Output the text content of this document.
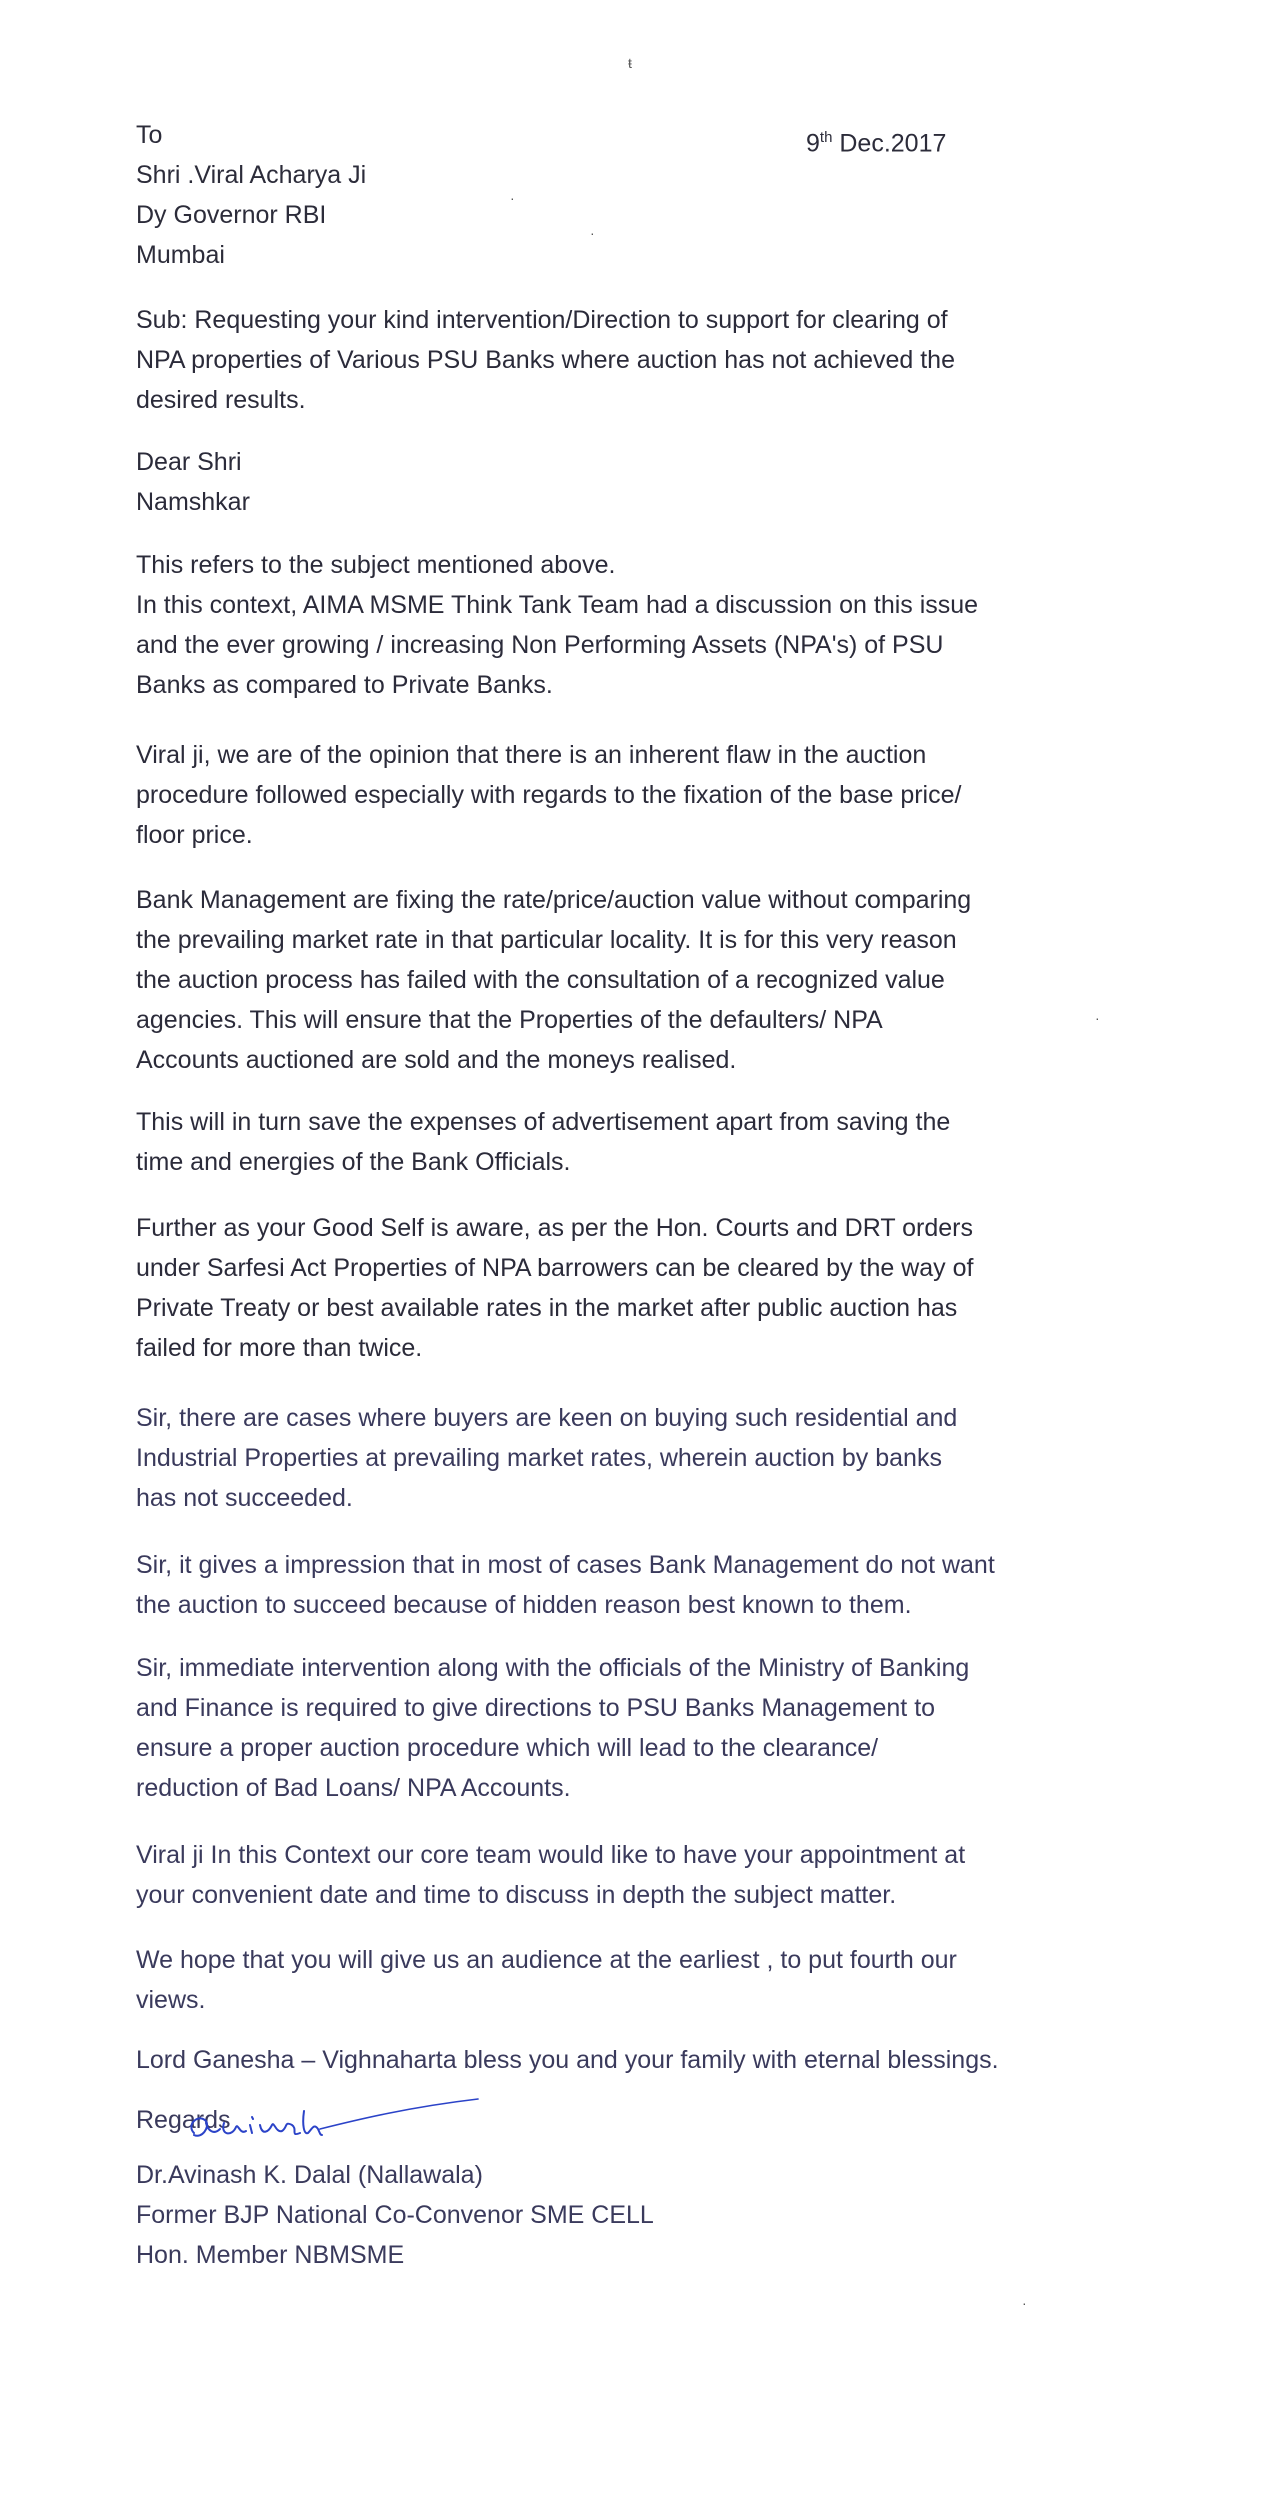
ŧ
·
·
·
·
9th Dec.2017
To
Shri .Viral Acharya Ji
Dy Governor RBI
Mumbai
Sub: Requesting your kind intervention/Direction to support for clearing of
NPA properties of Various PSU Banks where auction has not achieved the
desired results.
Dear Shri
Namshkar
This refers to the subject mentioned above.
In this context, AIMA MSME Think Tank Team had a discussion on this issue
and the ever growing / increasing Non Performing Assets (NPA's) of PSU
Banks as compared to Private Banks.
Viral ji, we are of the opinion that there is an inherent flaw in the auction
procedure followed especially with regards to the fixation of the base price/
floor price.
Bank Management are fixing the rate/price/auction value without comparing
the prevailing market rate in that particular locality. It is for this very reason
the auction process has failed with the consultation of a recognized value
agencies. This will ensure that the Properties of the defaulters/ NPA
Accounts auctioned are sold and the moneys realised.
This will in turn save the expenses of advertisement apart from saving the
time and energies of the Bank Officials.
Further as your Good Self is aware, as per the Hon. Courts and DRT orders
under Sarfesi Act Properties of NPA barrowers can be cleared by the way of
Private Treaty or best available rates in the market after public auction has
failed for more than twice.
Sir, there are cases where buyers are keen on buying such residential and
Industrial Properties at prevailing market rates, wherein auction by banks
has not succeeded.
Sir, it gives a impression that in most of cases Bank Management do not want
the auction to succeed because of hidden reason best known to them.
Sir, immediate intervention along with the officials of the Ministry of Banking
and Finance is required to give directions to PSU Banks Management to
ensure a proper auction procedure which will lead to the clearance/
reduction of Bad Loans/ NPA Accounts.
Viral ji In this Context our core team would like to have your appointment at
your convenient date and time to discuss in depth the subject matter.
We hope that you will give us an audience at the earliest , to put fourth our
views.
Lord Ganesha – Vighnaharta bless you and your family with eternal blessings.
Regards
Dr.Avinash K. Dalal (Nallawala)
Former BJP National Co-Convenor SME CELL
Hon. Member NBMSME
